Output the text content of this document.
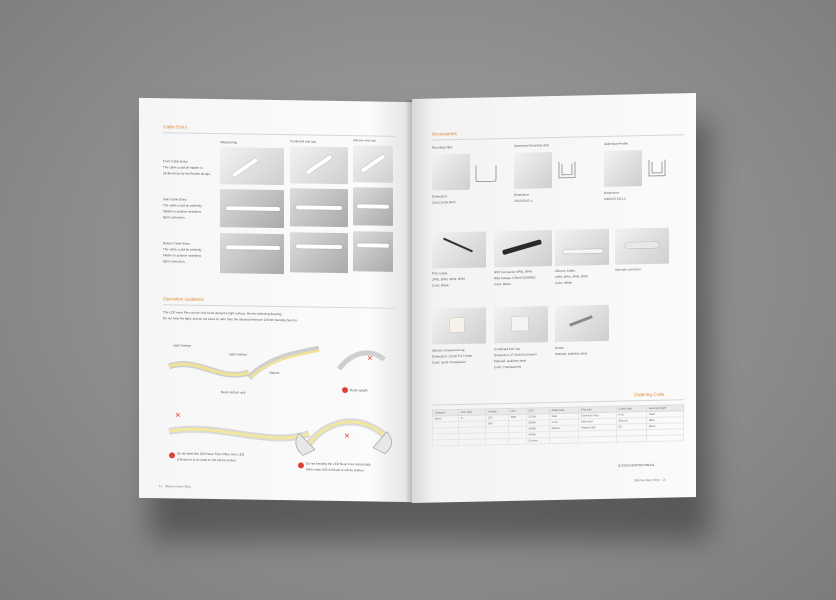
Cable Entry
Integral plug	Combined end cap	Silicone end cap
Front Cable Entry:
The cable could be hidden in
all directions by the flexible design.
Side Cable Entry:
The cable could be perfectly
hidden to achieve seamless
light connection.
Bottom Cable Entry:
The cable could be perfectly
hidden to achieve seamless
light connection.
Operation Guidance
The LED neon Flex can be only bend along the light surface, like the following drawing.
Do not twist the light, and do not bend on alter than the allowed minimum 150mm bending bian ler.
Light Surface
Light Surface
150mm
Bend vertical only
✕
Bend upright
✕
✕
Do not twist this LED Neon Flex! Other wise LED
& Resist or & on emal cr curl will be broken.
Do not bending the LED Neon Flex horizontally.
Other wise LED & Resist or will be broken.
14 · Silicone Neon Strip
Accessories
Mounting Clips
Dimension:
23x12.5x15.8mm
Aluminium Mounting clips
Dimension:
26x20.5x11.a
Aluminium Profile
Dimension:
1000x25.5x11.a
PVC Cable
2PIN, 3PIN, 4PIN, 5PIN
Color: Black
IP67 Connector 4PIN, 5PIN
Wire Gauge: 0.5mm²(22AWG)
Color: Black
Silicone Cable:
2PIN, 3PIN, 4PIN, 5PIN
Color: White
Anti rain connector
Silicone closed end cap
Dimension: 12x18.7x17.6mm
Color: Semi-Transparent
Combined end cap
Dimension: 27.9x20.6x19.6mm
Material: stainless steel
Color: Transparents
Screw
Material: stainless steel
Ordering Code
Category	LED Type	Voltage	LED	CCT	Cable Side	Plug type	Cable Style	Aperture/Angle
Neon	S	12V	2835	2700K	Side	Connector plug	PVC	Clear
		24V		3000K	Front	Open end	Silicone	Milky
				4000K	Bottom	Integral plug	Sil	Black
				6000K				
				Custom				
Q SVIIO-SKOTOO-NN101
Silicone Neon Strip · 15
